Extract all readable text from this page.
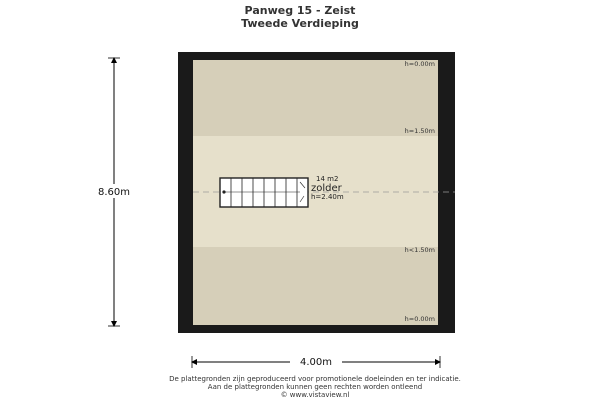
Panweg 15 - Zeist
Tweede Verdieping
14 m2
zolder
h=2.40m
h=0.00m
h=1.50m
h<1.50m
h=0.00m
8.60m
4.00m
De plattegronden zijn geproduceerd voor promotionele doeleinden en ter indicatie.
Aan de plattegronden kunnen geen rechten worden ontleend
© www.vistaview.nl
